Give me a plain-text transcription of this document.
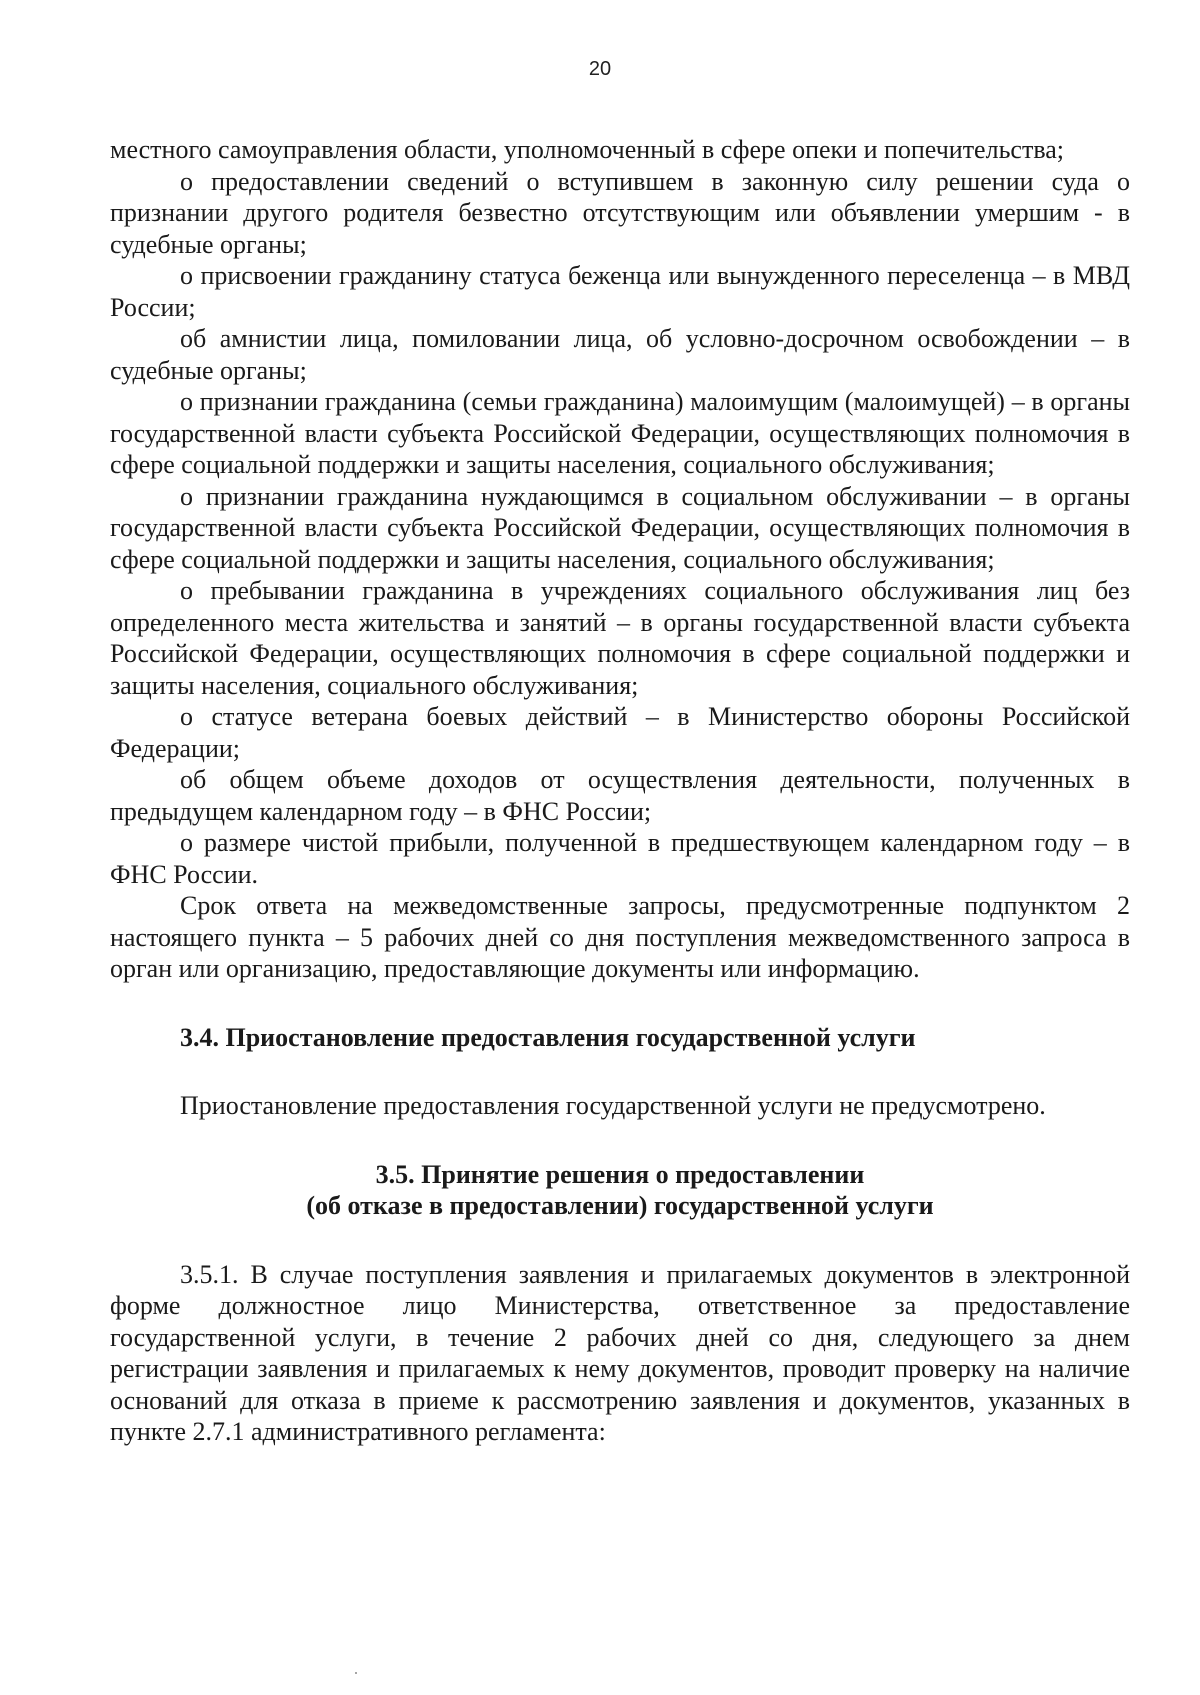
20

местного самоуправления области, уполномоченный в сфере опеки и попечительства;

о предоставлении сведений о вступившем в законную силу решении суда о признании другого родителя безвестно отсутствующим или объявлении умершим - в судебные органы;

о присвоении гражданину статуса беженца или вынужденного переселенца – в МВД России;

об амнистии лица, помиловании лица, об условно-досрочном освобождении – в судебные органы;

о признании гражданина (семьи гражданина) малоимущим (малоимущей) – в органы государственной власти субъекта Российской Федерации, осуществляющих полномочия в сфере социальной поддержки и защиты населения, социального обслуживания;

о признании гражданина нуждающимся в социальном обслуживании – в органы государственной власти субъекта Российской Федерации, осуществляющих полномочия в сфере социальной поддержки и защиты населения, социального обслуживания;

о пребывании гражданина в учреждениях социального обслуживания лиц без определенного места жительства и занятий – в органы государственной власти субъекта Российской Федерации, осуществляющих полномочия в сфере социальной поддержки и защиты населения, социального обслуживания;

о статусе ветерана боевых действий – в Министерство обороны Российской Федерации;

об общем объеме доходов от осуществления деятельности, полученных в предыдущем календарном году – в ФНС России;

о размере чистой прибыли, полученной в предшествующем календарном году – в ФНС России.

Срок ответа на межведомственные запросы, предусмотренные подпунктом 2 настоящего пункта – 5 рабочих дней со дня поступления межведомственного запроса в орган или организацию, предоставляющие документы или информацию.

3.4. Приостановление предоставления государственной услуги

Приостановление предоставления государственной услуги не предусмотрено.

3.5. Принятие решения о предоставлении
(об отказе в предоставлении) государственной услуги

3.5.1. В случае поступления заявления и прилагаемых документов в электронной форме должностное лицо Министерства, ответственное за предоставление государственной услуги, в течение 2 рабочих дней со дня, следующего за днем регистрации заявления и прилагаемых к нему документов, проводит проверку на наличие оснований для отказа в приеме к рассмотрению заявления и документов, указанных в пункте 2.7.1 административного регламента:
